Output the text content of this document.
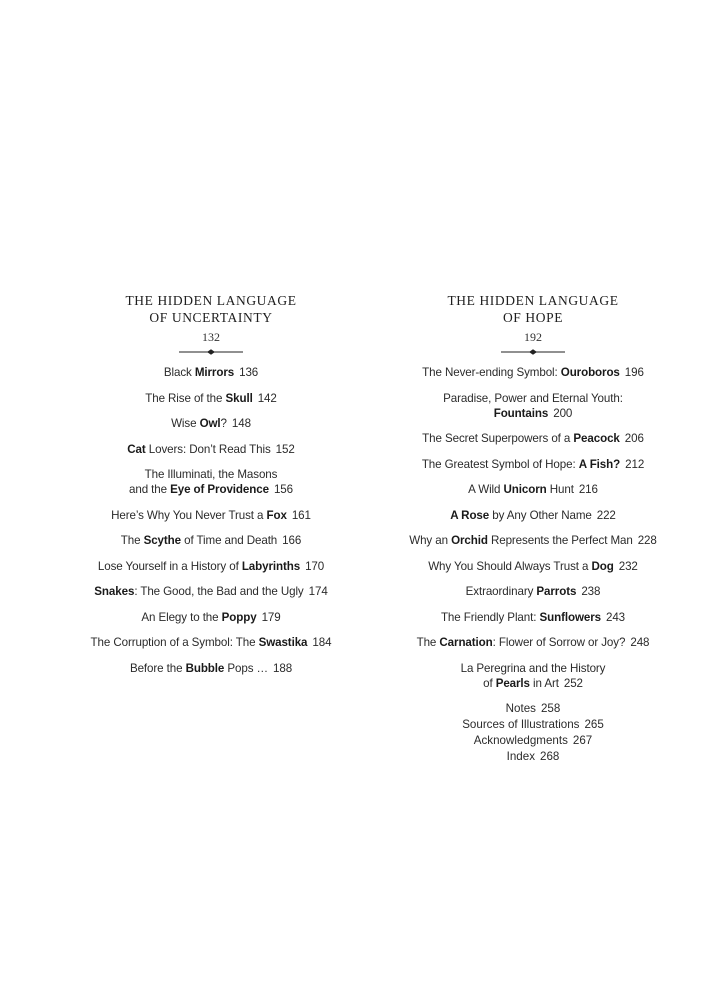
THE HIDDEN LANGUAGE
OF UNCERTAINTY
132
Black Mirrors 136
The Rise of the Skull 142
Wise Owl? 148
Cat Lovers: Don’t Read This 152
The Illuminati, the Masons
and the Eye of Providence 156
Here’s Why You Never Trust a Fox 161
The Scythe of Time and Death 166
Lose Yourself in a History of Labyrinths 170
Snakes: The Good, the Bad and the Ugly 174
An Elegy to the Poppy 179
The Corruption of a Symbol: The Swastika 184
Before the Bubble Pops … 188
THE HIDDEN LANGUAGE
OF HOPE
192
The Never-ending Symbol: Ouroboros 196
Paradise, Power and Eternal Youth:
Fountains 200
The Secret Superpowers of a Peacock 206
The Greatest Symbol of Hope: A Fish? 212
A Wild Unicorn Hunt 216
A Rose by Any Other Name 222
Why an Orchid Represents the Perfect Man 228
Why You Should Always Trust a Dog 232
Extraordinary Parrots 238
The Friendly Plant: Sunflowers 243
The Carnation: Flower of Sorrow or Joy? 248
La Peregrina and the History
of Pearls in Art 252
Notes 258
Sources of Illustrations 265
Acknowledgments 267
Index 268
